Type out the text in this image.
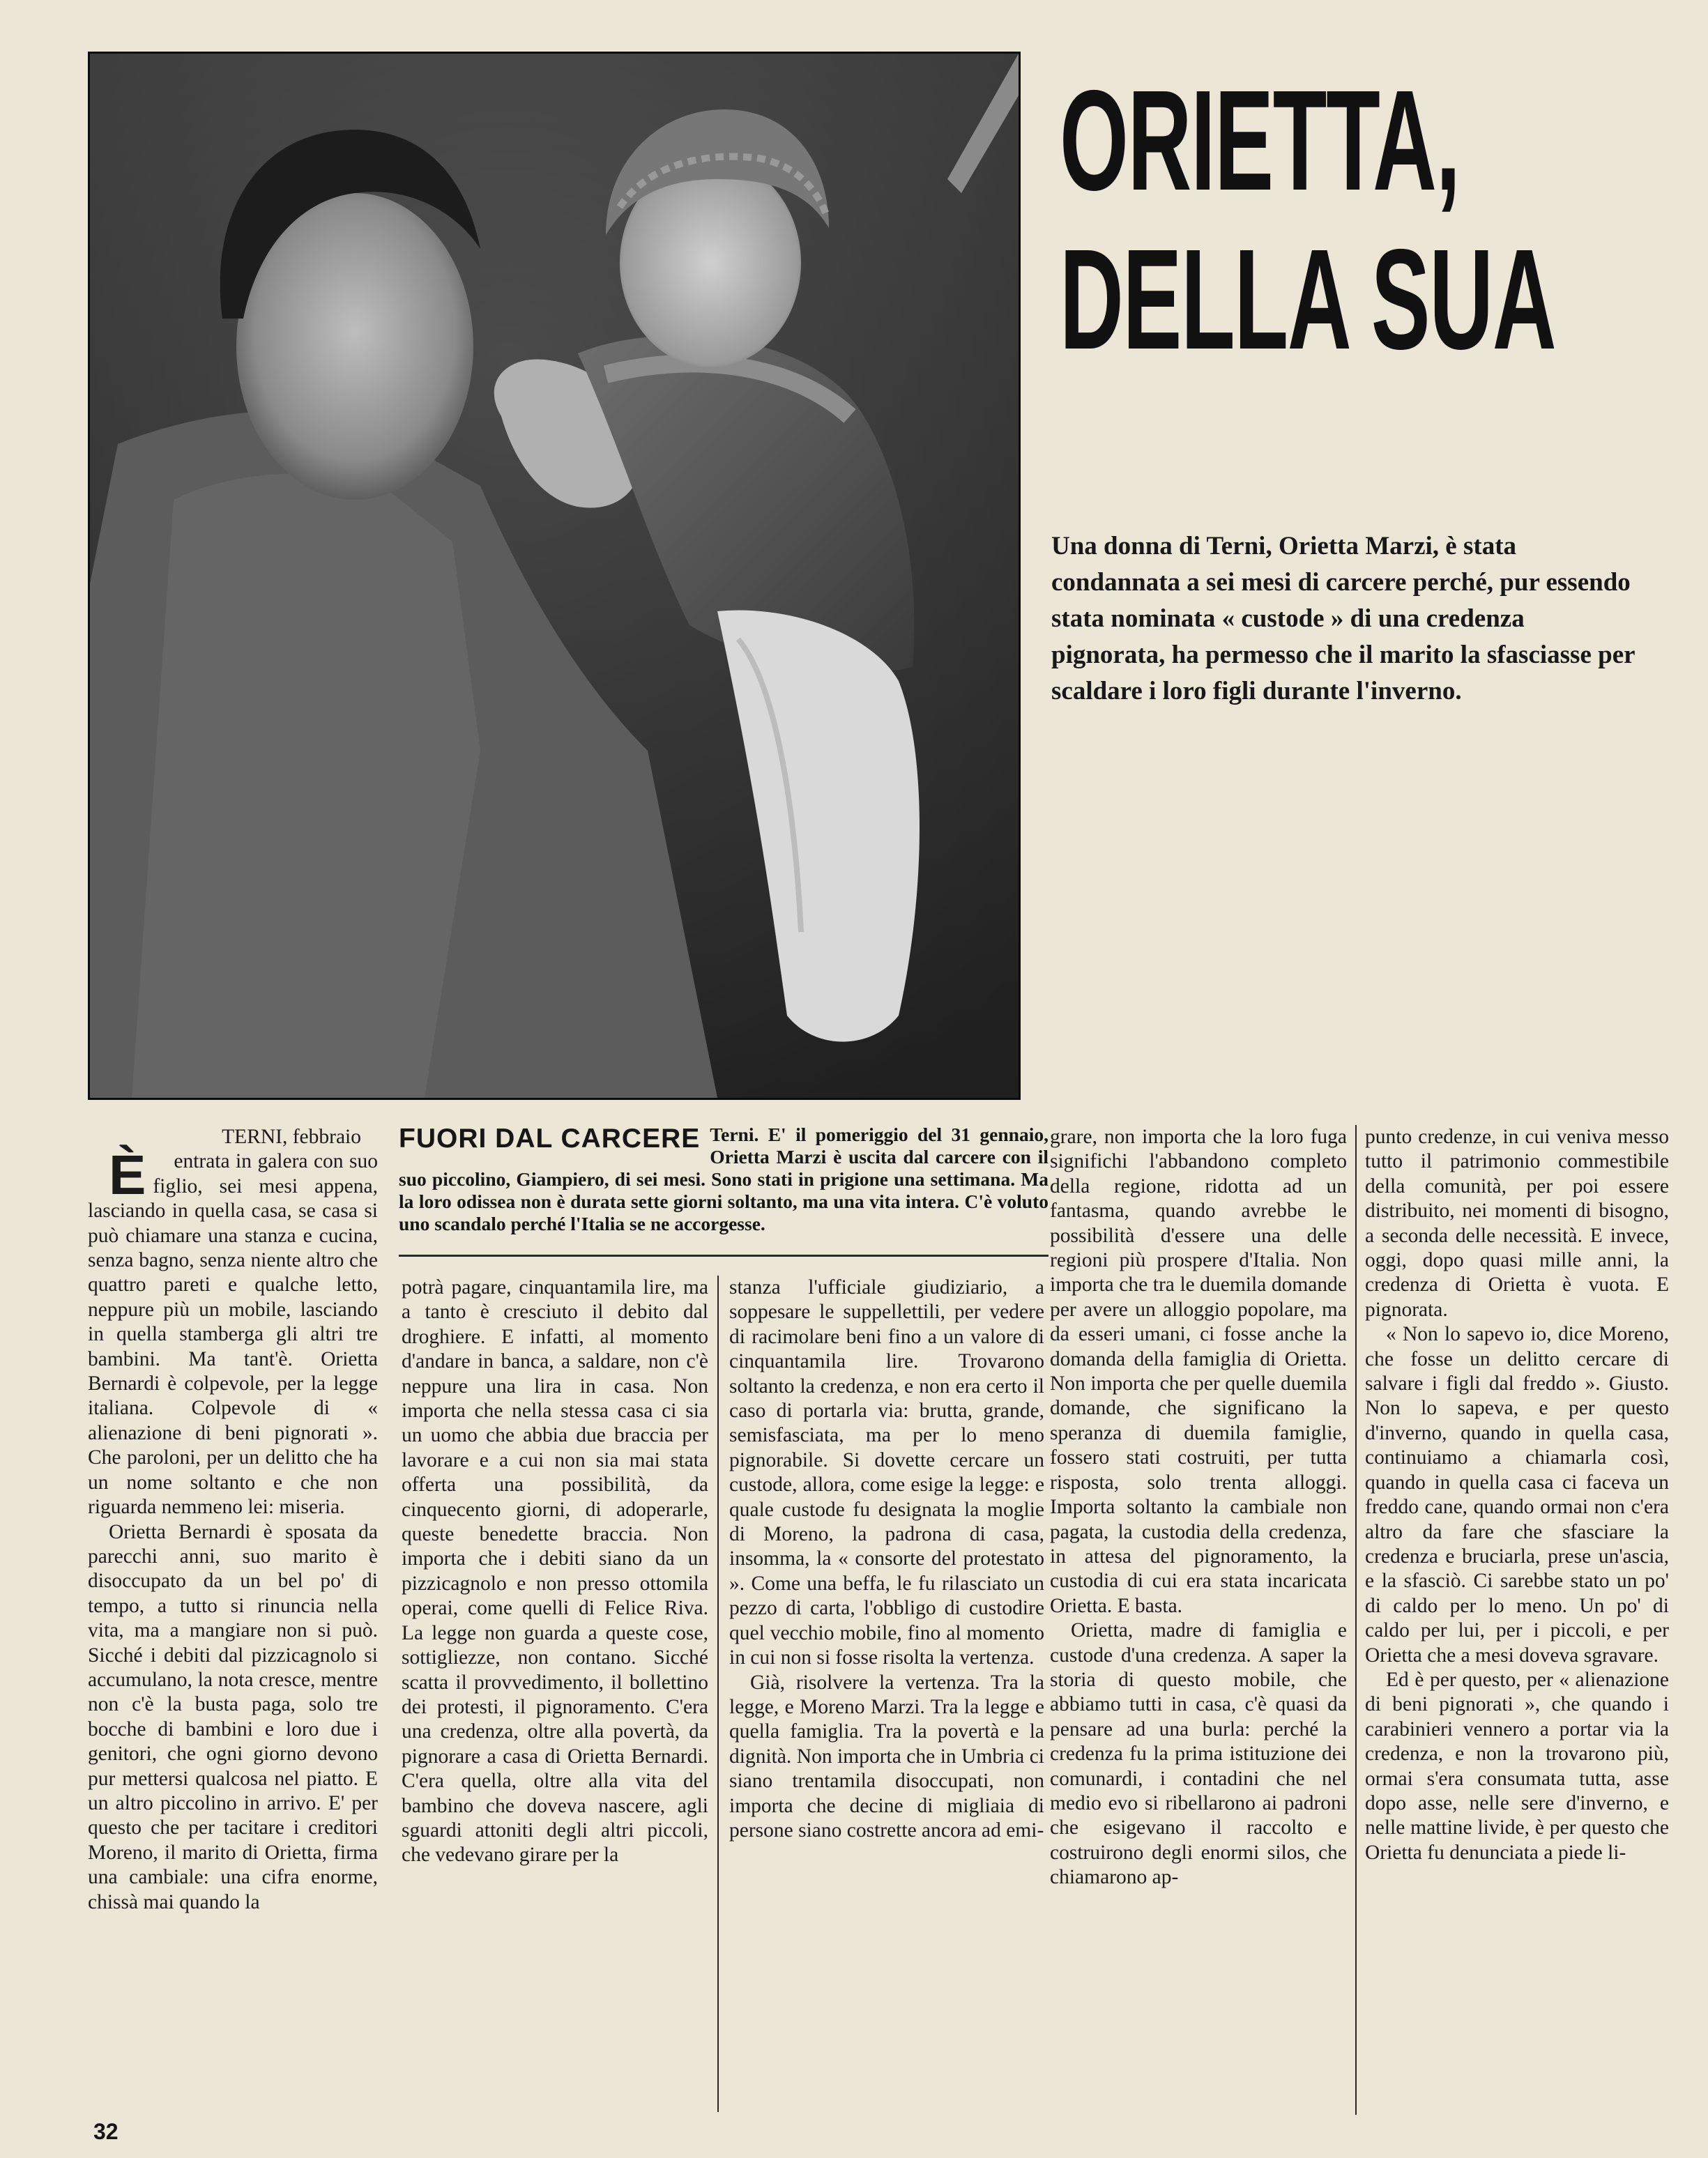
ORIETTA,
DELLA SUA
Una donna di Terni, Orietta Marzi, è stata condannata a sei mesi di carcere perché, pur essendo stata nominata « custode » di una credenza pignorata, ha permesso che il marito la sfasciasse per scaldare i loro figli durante l'inverno.

TERNI, febbraio

È entrata in galera con suo figlio, sei mesi appena, lasciando in quella casa, se casa si può chiamare una stanza e cucina, senza bagno, senza niente altro che quattro pareti e qualche letto, neppure più un mobile, lasciando in quella stamberga gli altri tre bambini. Ma tant'è. Orietta Bernardi è colpevole, per la legge italiana. Colpevole di « alienazione di beni pignorati ». Che paroloni, per un delitto che ha un nome soltanto e che non riguarda nemmeno lei: miseria.

Orietta Bernardi è sposata da parecchi anni, suo marito è disoccupato da un bel po' di tempo, a tutto si rinuncia nella vita, ma a mangiare non si può. Sicché i debiti dal pizzicagnolo si accumulano, la nota cresce, mentre non c'è la busta paga, solo tre bocche di bambini e loro due i genitori, che ogni giorno devono pur mettersi qualcosa nel piatto. E un altro piccolino in arrivo. E' per questo che per tacitare i creditori Moreno, il marito di Orietta, firma una cambiale: una cifra enorme, chissà mai quando la

FUORI DAL CARCERE Terni. E' il pomeriggio del 31 gennaio, Orietta Marzi è uscita dal carcere con il suo piccolino, Giampiero, di sei mesi. Sono stati in prigione una settimana. Ma la loro odissea non è durata sette giorni soltanto, ma una vita intera. C'è voluto uno scandalo perché l'Italia se ne accorgesse.

potrà pagare, cinquantamila lire, ma a tanto è cresciuto il debito dal droghiere. E infatti, al momento d'andare in banca, a saldare, non c'è neppure una lira in casa. Non importa che nella stessa casa ci sia un uomo che abbia due braccia per lavorare e a cui non sia mai stata offerta una possibilità, da cinquecento giorni, di adoperarle, queste benedette braccia. Non importa che i debiti siano da un pizzicagnolo e non presso ottomila operai, come quelli di Felice Riva. La legge non guarda a queste cose, sottigliezze, non contano. Sicché scatta il provvedimento, il bollettino dei protesti, il pignoramento. C'era una credenza, oltre alla povertà, da pignorare a casa di Orietta Bernardi. C'era quella, oltre alla vita del bambino che doveva nascere, agli sguardi attoniti degli altri piccoli, che vedevano girare per la

stanza l'ufficiale giudiziario, a soppesare le suppellettili, per vedere di racimolare beni fino a un valore di cinquantamila lire. Trovarono soltanto la credenza, e non era certo il caso di portarla via: brutta, grande, semisfasciata, ma per lo meno pignorabile. Si dovette cercare un custode, allora, come esige la legge: e quale custode fu designata la moglie di Moreno, la padrona di casa, insomma, la « consorte del protestato ». Come una beffa, le fu rilasciato un pezzo di carta, l'obbligo di custodire quel vecchio mobile, fino al momento in cui non si fosse risolta la vertenza.

Già, risolvere la vertenza. Tra la legge, e Moreno Marzi. Tra la legge e quella famiglia. Tra la povertà e la dignità. Non importa che in Umbria ci siano trentamila disoccupati, non importa che decine di migliaia di persone siano costrette ancora ad emi-

grare, non importa che la loro fuga significhi l'abbandono completo della regione, ridotta ad un fantasma, quando avrebbe le possibilità d'essere una delle regioni più prospere d'Italia. Non importa che tra le duemila domande per avere un alloggio popolare, ma da esseri umani, ci fosse anche la domanda della famiglia di Orietta. Non importa che per quelle duemila domande, che significano la speranza di duemila famiglie, fossero stati costruiti, per tutta risposta, solo trenta alloggi. Importa soltanto la cambiale non pagata, la custodia della credenza, in attesa del pignoramento, la custodia di cui era stata incaricata Orietta. E basta.

Orietta, madre di famiglia e custode d'una credenza. A saper la storia di questo mobile, che abbiamo tutti in casa, c'è quasi da pensare ad una burla: perché la credenza fu la prima istituzione dei comunardi, i contadini che nel medio evo si ribellarono ai padroni che esigevano il raccolto e costruirono degli enormi silos, che chiamarono ap-

punto credenze, in cui veniva messo tutto il patrimonio commestibile della comunità, per poi essere distribuito, nei momenti di bisogno, a seconda delle necessità. E invece, oggi, dopo quasi mille anni, la credenza di Orietta è vuota. E pignorata.

« Non lo sapevo io, dice Moreno, che fosse un delitto cercare di salvare i figli dal freddo ». Giusto. Non lo sapeva, e per questo d'inverno, quando in quella casa, continuiamo a chiamarla così, quando in quella casa ci faceva un freddo cane, quando ormai non c'era altro da fare che sfasciare la credenza e bruciarla, prese un'ascia, e la sfasciò. Ci sarebbe stato un po' di caldo per lo meno. Un po' di caldo per lui, per i piccoli, e per Orietta che a mesi doveva sgravare.

Ed è per questo, per « alienazione di beni pignorati », che quando i carabinieri vennero a portar via la credenza, e non la trovarono più, ormai s'era consumata tutta, asse dopo asse, nelle sere d'inverno, e nelle mattine livide, è per questo che Orietta fu denunciata a piede li-

32
